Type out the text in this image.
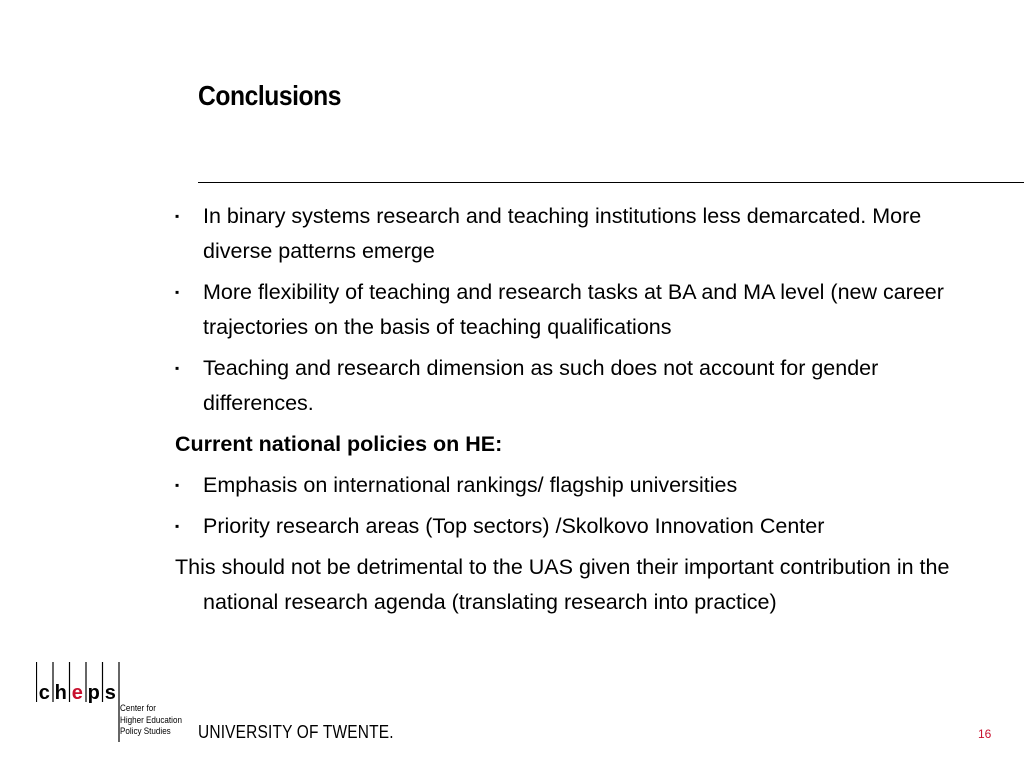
Conclusions
▪	In binary systems research and teaching institutions less demarcated. More diverse patterns emerge
▪	More flexibility of teaching and research tasks at BA and MA level (new career trajectories on the basis of teaching qualifications
▪	Teaching and research dimension as such does not account for gender differences.
Current national policies on HE:
▪	Emphasis on international rankings/ flagship universities
▪	Priority research areas (Top sectors) /Skolkovo Innovation Center
This should not be detrimental to the UAS given their important contribution in the national research agenda (translating research into practice)
c h e p s
Center for
Higher Education
Policy Studies	UNIVERSITY OF TWENTE.	16
